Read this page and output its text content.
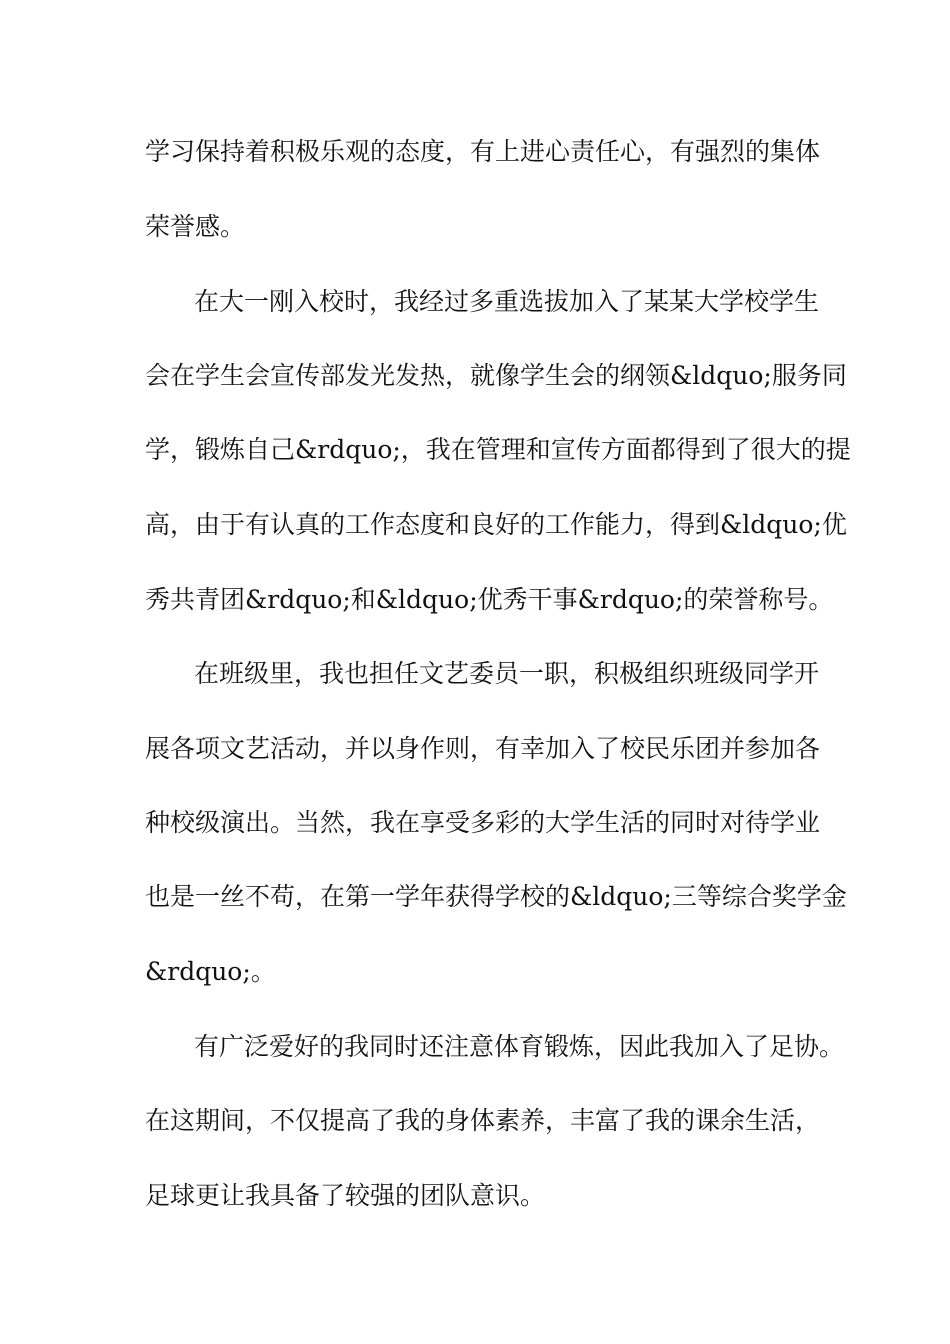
学习保持着积极乐观的态度，有上进心责任心，有强烈的集体
荣誉感。
在大一刚入校时，我经过多重选拔加入了某某大学校学生
会在学生会宣传部发光发热，就像学生会的纲领&ldquo;服务同
学，锻炼自己&rdquo;，我在管理和宣传方面都得到了很大的提
高，由于有认真的工作态度和良好的工作能力，得到&ldquo;优
秀共青团&rdquo;和&ldquo;优秀干事&rdquo;的荣誉称号。
在班级里，我也担任文艺委员一职，积极组织班级同学开
展各项文艺活动，并以身作则，有幸加入了校民乐团并参加各
种校级演出。当然，我在享受多彩的大学生活的同时对待学业
也是一丝不苟，在第一学年获得学校的&ldquo;三等综合奖学金
&rdquo;。
有广泛爱好的我同时还注意体育锻炼，因此我加入了足协。
在这期间，不仅提高了我的身体素养，丰富了我的课余生活，
足球更让我具备了较强的团队意识。
